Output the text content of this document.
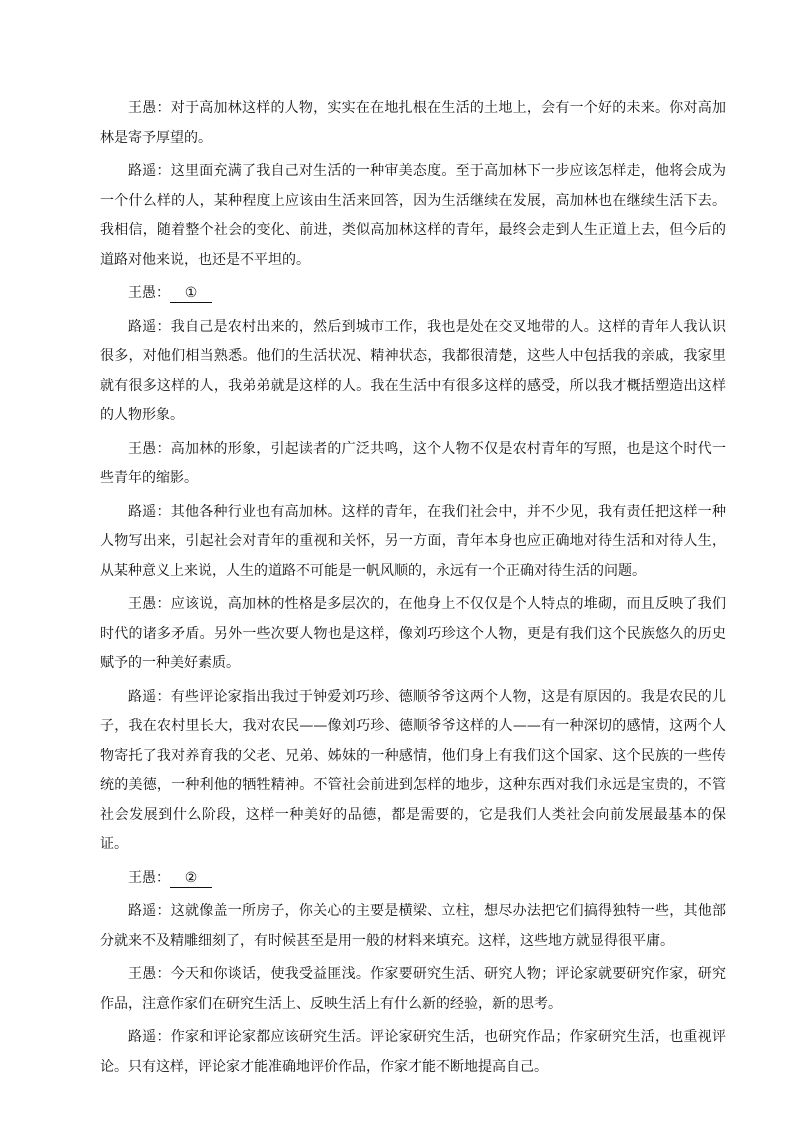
王愚：对于高加林这样的人物，实实在在地扎根在生活的土地上，会有一个好的未来。你对高加林是寄予厚望的。

路遥：这里面充满了我自己对生活的一种审美态度。至于高加林下一步应该怎样走，他将会成为一个什么样的人，某种程度上应该由生活来回答，因为生活继续在发展，高加林也在继续生活下去。我相信，随着整个社会的变化、前进，类似高加林这样的青年，最终会走到人生正道上去，但今后的道路对他来说，也还是不平坦的。

王愚： ①

路遥：我自己是农村出来的，然后到城市工作，我也是处在交叉地带的人。这样的青年人我认识很多，对他们相当熟悉。他们的生活状况、精神状态，我都很清楚，这些人中包括我的亲戚，我家里就有很多这样的人，我弟弟就是这样的人。我在生活中有很多这样的感受，所以我才概括塑造出这样的人物形象。

王愚：高加林的形象，引起读者的广泛共鸣，这个人物不仅是农村青年的写照，也是这个时代一些青年的缩影。

路遥：其他各种行业也有高加林。这样的青年，在我们社会中，并不少见，我有责任把这样一种人物写出来，引起社会对青年的重视和关怀，另一方面，青年本身也应正确地对待生活和对待人生，从某种意义上来说，人生的道路不可能是一帆风顺的，永远有一个正确对待生活的问题。

王愚：应该说，高加林的性格是多层次的，在他身上不仅仅是个人特点的堆砌，而且反映了我们时代的诸多矛盾。另外一些次要人物也是这样，像刘巧珍这个人物，更是有我们这个民族悠久的历史赋予的一种美好素质。

路遥：有些评论家指出我过于钟爱刘巧珍、德顺爷爷这两个人物，这是有原因的。我是农民的儿子，我在农村里长大，我对农民——像刘巧珍、德顺爷爷这样的人——有一种深切的感情，这两个人物寄托了我对养育我的父老、兄弟、姊妹的一种感情，他们身上有我们这个国家、这个民族的一些传统的美德，一种利他的牺牲精神。不管社会前进到怎样的地步，这种东西对我们永远是宝贵的，不管社会发展到什么阶段，这样一种美好的品德，都是需要的，它是我们人类社会向前发展最基本的保证。

王愚： ②

路遥：这就像盖一所房子，你关心的主要是横梁、立柱，想尽办法把它们搞得独特一些，其他部分就来不及精雕细刻了，有时候甚至是用一般的材料来填充。这样，这些地方就显得很平庸。

王愚：今天和你谈话，使我受益匪浅。作家要研究生活、研究人物；评论家就要研究作家，研究作品，注意作家们在研究生活上、反映生活上有什么新的经验，新的思考。

路遥：作家和评论家都应该研究生活。评论家研究生活，也研究作品；作家研究生活，也重视评论。只有这样，评论家才能准确地评价作品，作家才能不断地提高自己。
